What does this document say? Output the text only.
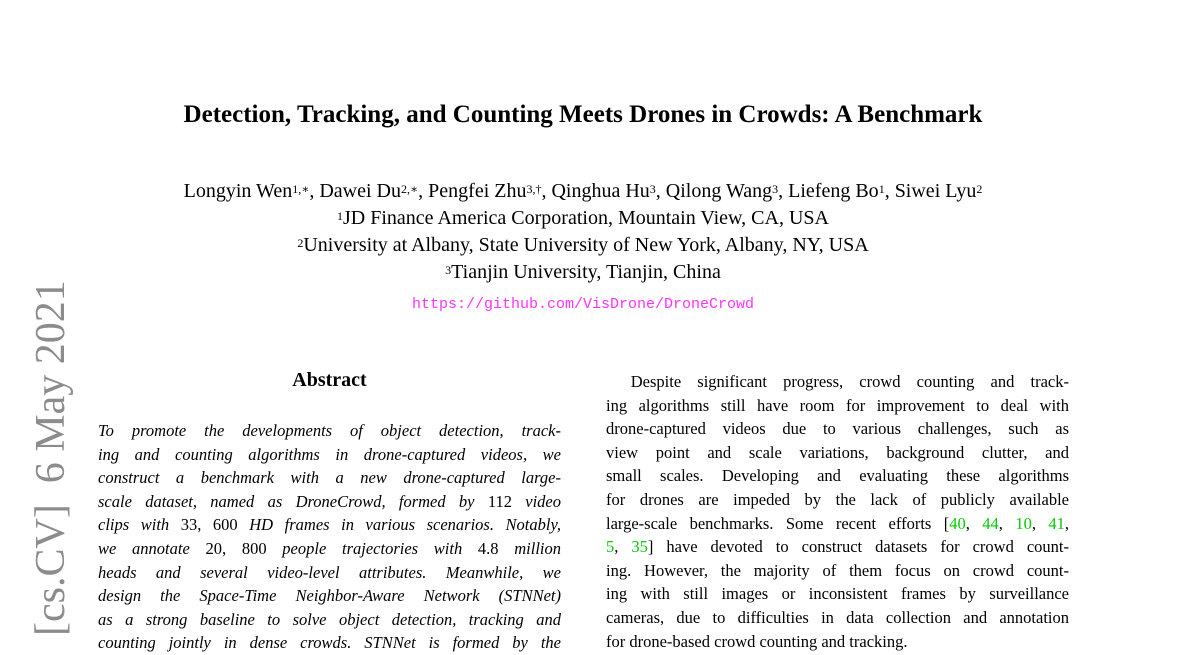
[cs.CV]  6 May 2021
Detection, Tracking, and Counting Meets Drones in Crowds: A Benchmark
Longyin Wen$^{1,∗}$, Dawei $Du^{2,∗}$, Pengfei Zhu$^{3,\dagger}$, Qinghua Hu$^3$, Qilong Wang$^3$, Liefeng Bo$^1$, Siwei Lyu$^2$
$^1$JD Finance America Corporation, Mountain View, CA, USA
$^2$University at Albany, State University of New York, Albany, NY, USA
$^3$Tianjin University, Tianjin, China
https://github.com/VisDrone/DroneCrowd
Abstract
To promote the developments of object detection, track-
ing and counting algorithms in drone-captured videos, we
construct a benchmark with a new drone-captured large-
scale dataset, named as DroneCrowd, formed by 112 video
clips with 33, 600 HD frames in various scenarios. Notably,
we annotate 20, 800 people trajectories with 4.8 million
heads and several video-level attributes. Meanwhile, we
design the Space-Time Neighbor-Aware Network (STNNet)
as a strong baseline to solve object detection, tracking and
counting jointly in dense crowds. STNNet is formed by the
  Despite significant progress, crowd counting and track-
ing algorithms still have room for improvement to deal with
drone-captured videos due to various challenges, such as
view point and scale variations, background clutter, and
small scales. Developing and evaluating these algorithms
for drones are impeded by the lack of publicly available
large-scale benchmarks. Some recent efforts [40, 44, 10, 41,
5, 35] have devoted to construct datasets for crowd count-
ing. However, the majority of them focus on crowd count-
ing with still images or inconsistent frames by surveillance
cameras, due to difficulties in data collection and annotation
for drone-based crowd counting and tracking.
